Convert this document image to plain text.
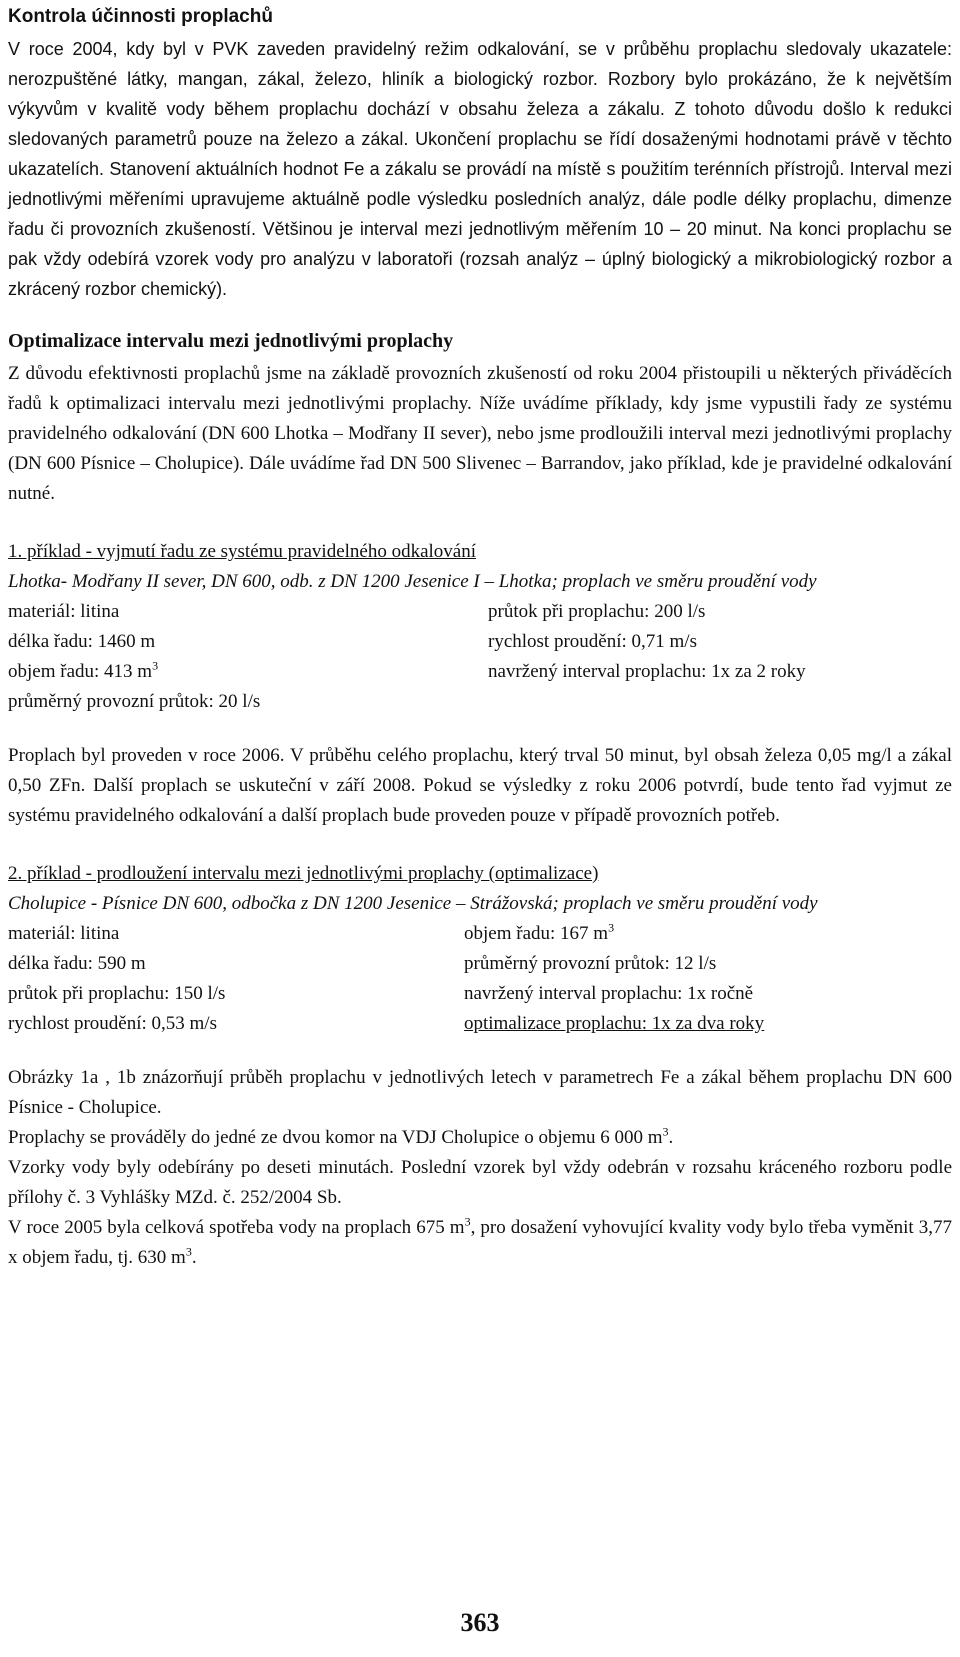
Kontrola účinnosti proplachů

V roce 2004, kdy byl v PVK zaveden pravidelný režim odkalování, se v průběhu proplachu sledovaly ukazatele: nerozpuštěné látky, mangan, zákal, železo, hliník a biologický rozbor. Rozbory bylo prokázáno, že k největším výkyvům v kvalitě vody během proplachu dochází v obsahu železa a zákalu. Z tohoto důvodu došlo k redukci sledovaných parametrů pouze na železo a zákal. Ukončení proplachu se řídí dosaženými hodnotami právě v těchto ukazatelích. Stanovení aktuálních hodnot Fe a zákalu se provádí na místě s použitím terénních přístrojů. Interval mezi jednotlivými měřeními upravujeme aktuálně podle výsledku posledních analýz, dále podle délky proplachu, dimenze řadu či provozních zkušeností. Většinou je interval mezi jednotlivým měřením 10 – 20 minut. Na konci proplachu se pak vždy odebírá vzorek vody pro analýzu v laboratoři (rozsah analýz – úplný biologický a mikrobiologický rozbor a zkrácený rozbor chemický).

Optimalizace intervalu mezi jednotlivými proplachy

Z důvodu efektivnosti proplachů jsme na základě provozních zkušeností od roku 2004 přistoupili u některých přiváděcích řadů k optimalizaci intervalu mezi jednotlivými proplachy. Níže uvádíme příklady, kdy jsme vypustili řady ze systému pravidelného odkalování (DN 600 Lhotka – Modřany II sever), nebo jsme prodloužili interval mezi jednotlivými proplachy (DN 600 Písnice – Cholupice). Dále uvádíme řad DN 500 Slivenec – Barrandov, jako příklad, kde je pravidelné odkalování nutné.

1. příklad - vyjmutí řadu ze systému pravidelného odkalování
Lhotka- Modřany II sever, DN 600, odb. z DN 1200 Jesenice I – Lhotka; proplach ve směru proudění vody
materiál: litina	průtok při proplachu: 200 l/s
délka řadu: 1460 m	rychlost proudění: 0,71 m/s
objem řadu: 413 $m^3$	navržený interval proplachu: 1x za 2 roky
průměrný provozní průtok: 20 l/s

Proplach byl proveden v roce 2006. V průběhu celého proplachu, který trval 50 minut, byl obsah železa 0,05 mg/l a zákal 0,50 ZFn. Další proplach se uskuteční v září 2008. Pokud se výsledky z roku 2006 potvrdí, bude tento řad vyjmut ze systému pravidelného odkalování a další proplach bude proveden pouze v případě provozních potřeb.

2. příklad - prodloužení intervalu mezi jednotlivými proplachy (optimalizace)
Cholupice - Písnice DN 600, odbočka z DN 1200 Jesenice – Strážovská; proplach ve směru proudění vody
materiál: litina	objem řadu: 167 $m^3$
délka řadu: 590 m	průměrný provozní průtok: 12 l/s
průtok při proplachu: 150 l/s	navržený interval proplachu: 1x ročně
rychlost proudění: 0,53 m/s	optimalizace proplachu: 1x za dva roky

Obrázky 1a , 1b znázorňují průběh proplachu v jednotlivých letech v parametrech Fe a zákal během proplachu DN 600 Písnice - Cholupice.

Proplachy se prováděly do jedné ze dvou komor na VDJ Cholupice o objemu 6 000 $m^3$.

Vzorky vody byly odebírány po deseti minutách. Poslední vzorek byl vždy odebrán v rozsahu kráceného rozboru podle přílohy č. 3 Vyhlášky MZd. č. 252/2004 Sb.

V roce 2005 byla celková spotřeba vody na proplach 675 $m^3$, pro dosažení vyhovující kvality vody bylo třeba vyměnit 3,77 x objem řadu, tj. 630 $m^3$.

363
